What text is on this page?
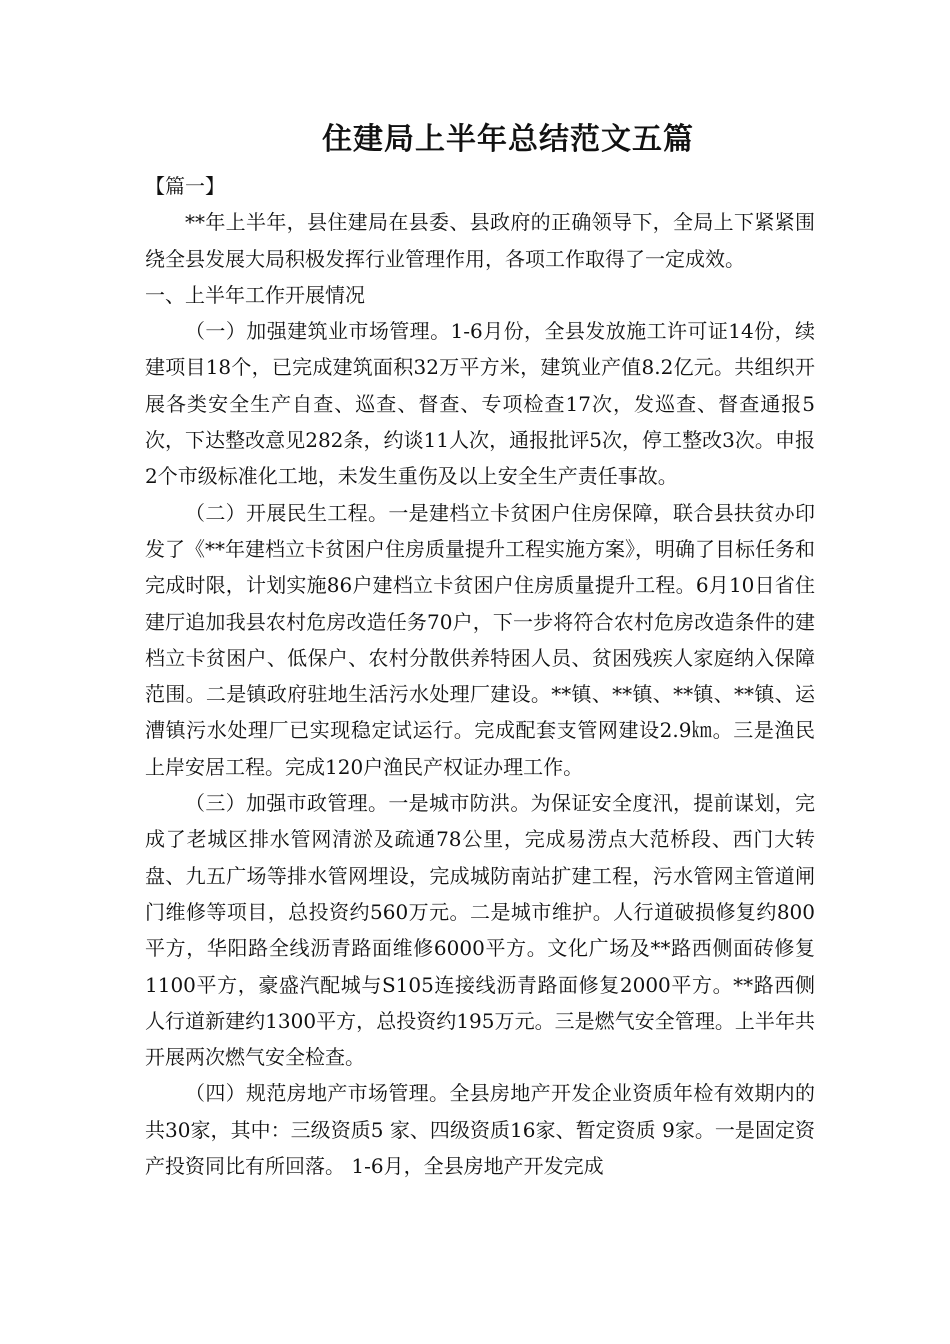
住建局上半年总结范文五篇

【篇一】

**年上半年，县住建局在县委、县政府的正确领导下，全局上下紧紧围绕全县发展大局积极发挥行业管理作用，各项工作取得了一定成效。

一、上半年工作开展情况

（一）加强建筑业市场管理。1-6月份，全县发放施工许可证14份，续建项目18个，已完成建筑面积32万平方米，建筑业产值8.2亿元。共组织开展各类安全生产自查、巡查、督查、专项检查17次，发巡查、督查通报5次，下达整改意见282条，约谈11人次，通报批评5次，停工整改3次。申报2个市级标准化工地，未发生重伤及以上安全生产责任事故。

（二）开展民生工程。一是建档立卡贫困户住房保障，联合县扶贫办印发了《**年建档立卡贫困户住房质量提升工程实施方案》，明确了目标任务和完成时限，计划实施86户建档立卡贫困户住房质量提升工程。6月10日省住建厅追加我县农村危房改造任务70户，下一步将符合农村危房改造条件的建档立卡贫困户、低保户、农村分散供养特困人员、贫困残疾人家庭纳入保障范围。二是镇政府驻地生活污水处理厂建设。**镇、**镇、**镇、**镇、运漕镇污水处理厂已实现稳定试运行。完成配套支管网建设2.9㎞。三是渔民上岸安居工程。完成120户渔民产权证办理工作。

（三）加强市政管理。一是城市防洪。为保证安全度汛，提前谋划，完成了老城区排水管网清淤及疏通78公里，完成易涝点大范桥段、西门大转盘、九五广场等排水管网埋设，完成城防南站扩建工程，污水管网主管道闸门维修等项目，总投资约560万元。二是城市维护。人行道破损修复约800平方，华阳路全线沥青路面维修6000平方。文化广场及**路西侧面砖修复1100平方，豪盛汽配城与S105连接线沥青路面修复2000平方。**路西侧人行道新建约1300平方，总投资约195万元。三是燃气安全管理。上半年共开展两次燃气安全检查。

（四）规范房地产市场管理。全县房地产开发企业资质年检有效期内的共30家，其中：三级资质5 家、四级资质16家、暂定资质 9家。一是固定资产投资同比有所回落。 1-6月，全县房地产开发完成
